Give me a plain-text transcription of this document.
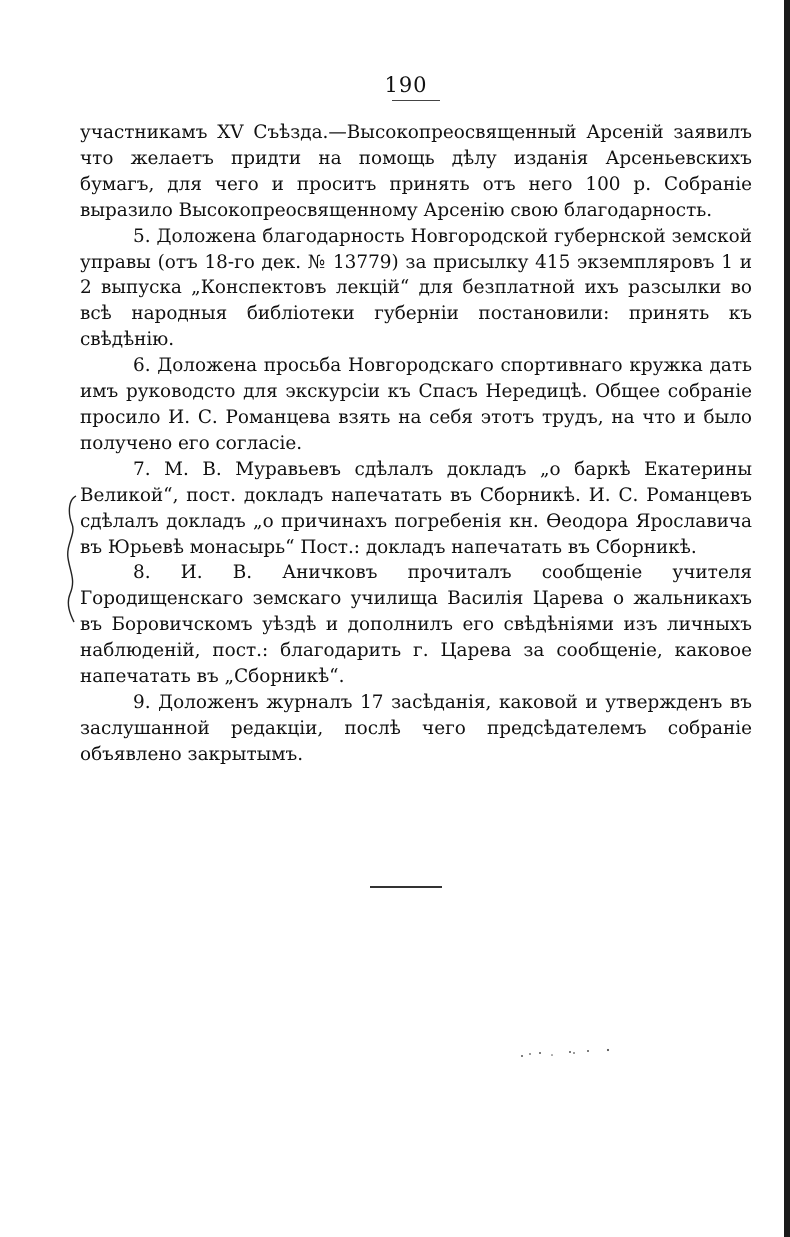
190

участникамъ XV Съѣзда.—Высокопреосвященный Арсеній заявилъ что желаетъ придти на помощь дѣлу изданія Арсеньевскихъ бумагъ, для чего и проситъ принять отъ него 100 р. Собраніе выразило Высокопреосвященному Арсенію свою благодарность.

5. Доложена благодарность Новгородской губернской земской управы (отъ 18-го дек. № 13779) за присылку 415 экземпляровъ 1 и 2 выпуска „Конспектовъ лекцій“ для безплатной ихъ разсылки во всѣ народныя библіотеки губерніи постановили: принять къ свѣдѣнію.

6. Доложена просьба Новгородскаго спортивнаго кружка дать имъ руководсто для экскурсіи къ Спасъ Нередицѣ. Общее собраніе просило И. С. Романцева взять на себя этотъ трудъ, на что и было получено его согласіе.

7. М. В. Муравьевъ сдѣлалъ докладъ „о баркѣ Екатерины Великой“, пост. докладъ напечатать въ Сборникѣ. И. С. Романцевъ сдѣлалъ докладъ „о причинахъ погребенія кн. Ѳеодора Ярославича въ Юрьевѣ монасырь“ Пост.: докладъ напечатать въ Сборникѣ.

8. И. В. Аничковъ прочиталъ сообщеніе учителя Городищенскаго земскаго училища Василія Царева о жальникахъ въ Боровичскомъ уѣздѣ и дополнилъ его свѣдѣніями изъ личныхъ наблюденій, пост.: благодарить г. Царева за сообщеніе, каковое напечатать въ „Сборникѣ“.

9. Доложенъ журналъ 17 засѣданія, каковой и утвержденъ въ заслушанной редакціи, послѣ чего предсѣдателемъ собраніе объявлено закрытымъ.
